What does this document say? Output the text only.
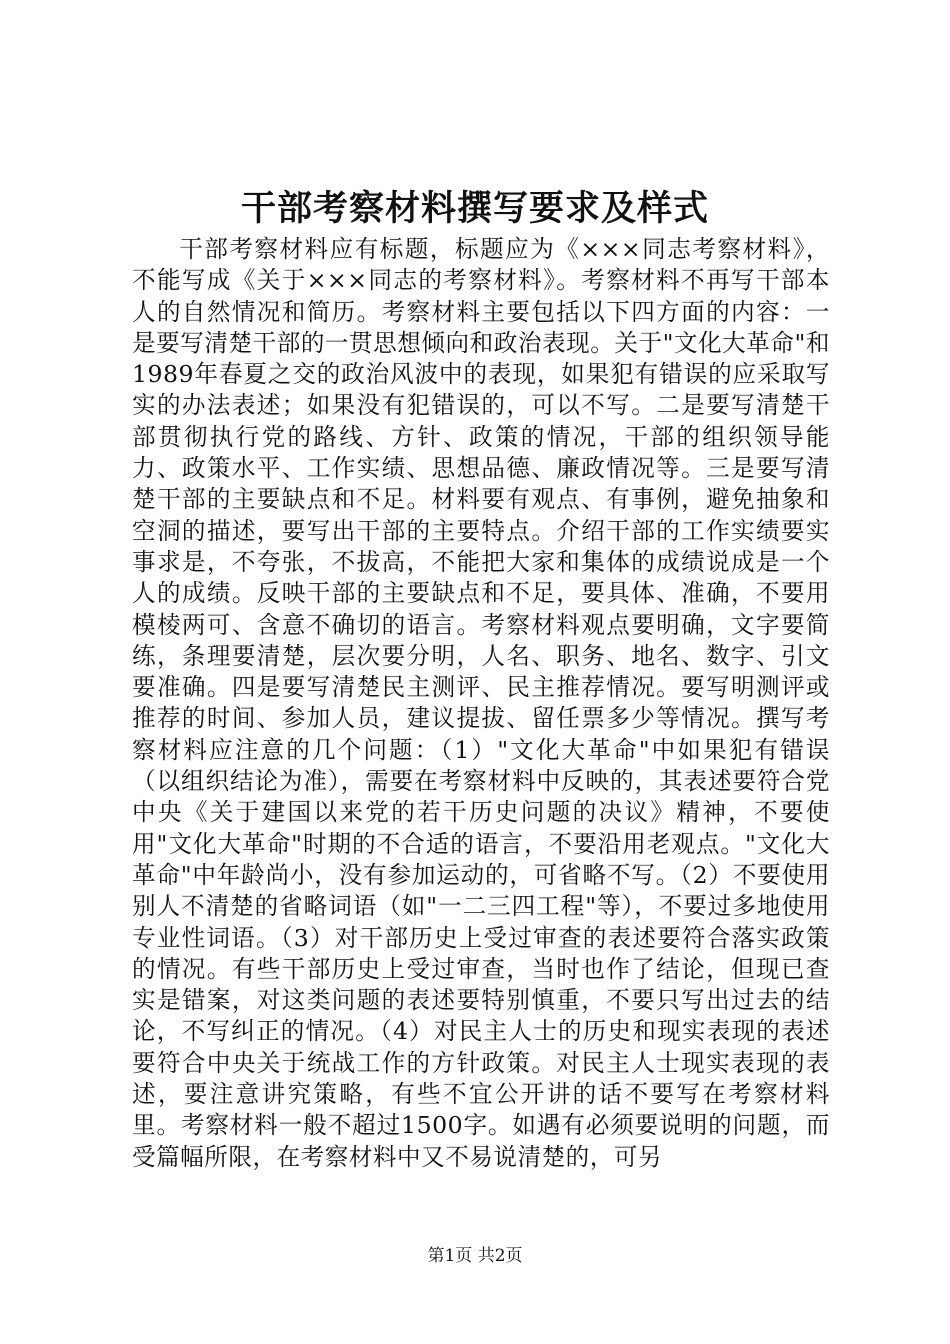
干部考察材料撰写要求及样式

干部考察材料应有标题，标题应为《×××同志考察材料》，不能写成《关于×××同志的考察材料》。考察材料不再写干部本人的自然情况和简历。考察材料主要包括以下四方面的内容：一是要写清楚干部的一贯思想倾向和政治表现。关于"文化大革命"和1989年春夏之交的政治风波中的表现，如果犯有错误的应采取写实的办法表述；如果没有犯错误的，可以不写。二是要写清楚干部贯彻执行党的路线、方针、政策的情况，干部的组织领导能力、政策水平、工作实绩、思想品德、廉政情况等。三是要写清楚干部的主要缺点和不足。材料要有观点、有事例，避免抽象和空洞的描述，要写出干部的主要特点。介绍干部的工作实绩要实事求是，不夸张，不拔高，不能把大家和集体的成绩说成是一个人的成绩。反映干部的主要缺点和不足，要具体、准确，不要用模棱两可、含意不确切的语言。考察材料观点要明确，文字要简练，条理要清楚，层次要分明，人名、职务、地名、数字、引文要准确。四是要写清楚民主测评、民主推荐情况。要写明测评或推荐的时间、参加人员，建议提拔、留任票多少等情况。撰写考察材料应注意的几个问题：（1）"文化大革命"中如果犯有错误（以组织结论为准），需要在考察材料中反映的，其表述要符合党中央《关于建国以来党的若干历史问题的决议》精神，不要使用"文化大革命"时期的不合适的语言，不要沿用老观点。"文化大革命"中年龄尚小，没有参加运动的，可省略不写。（2）不要使用别人不清楚的省略词语（如"一二三四工程"等），不要过多地使用专业性词语。（3）对干部历史上受过审查的表述要符合落实政策的情况。有些干部历史上受过审查，当时也作了结论，但现已查实是错案，对这类问题的表述要特别慎重，不要只写出过去的结论，不写纠正的情况。（4）对民主人士的历史和现实表现的表述要符合中央关于统战工作的方针政策。对民主人士现实表现的表述，要注意讲究策略，有些不宜公开讲的话不要写在考察材料里。考察材料一般不超过1500字。如遇有必须要说明的问题，而受篇幅所限，在考察材料中又不易说清楚的，可另

第1页 共2页
